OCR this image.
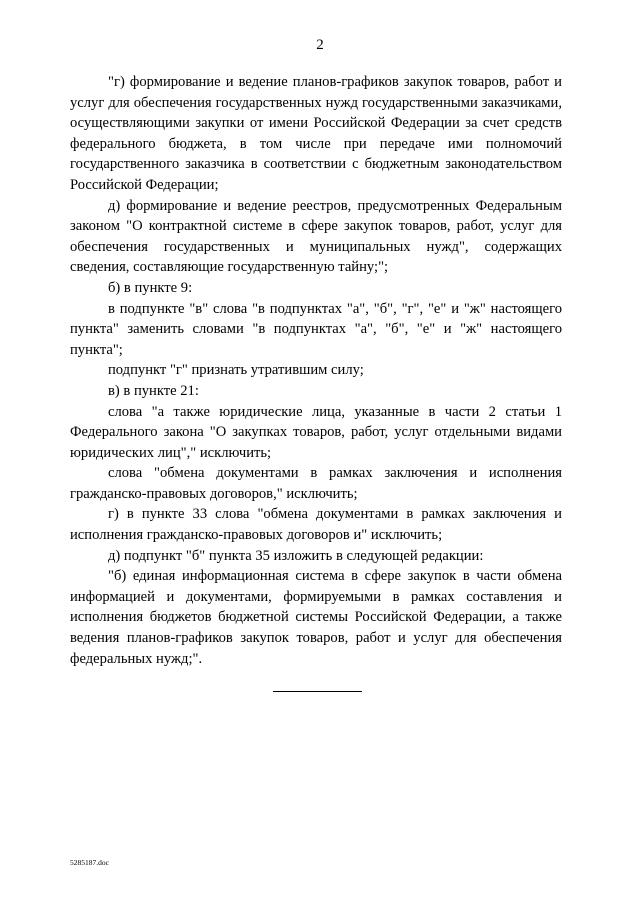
2

"г) формирование и ведение планов-графиков закупок товаров, работ и услуг для обеспечения государственных нужд государственными заказчиками, осуществляющими закупки от имени Российской Федерации за счет средств федерального бюджета, в том числе при передаче ими полномочий государственного заказчика в соответствии с бюджетным законодательством Российской Федерации;

д) формирование и ведение реестров, предусмотренных Федеральным законом "О контрактной системе в сфере закупок товаров, работ, услуг для обеспечения государственных и муниципальных нужд", содержащих сведения, составляющие государственную тайну;";

б) в пункте 9:

в подпункте "в" слова "в подпунктах "а", "б", "г", "е" и "ж" настоящего пункта" заменить словами "в подпунктах "а", "б", "е" и "ж" настоящего пункта";

подпункт "г" признать утратившим силу;

в) в пункте 21:

слова "а также юридические лица, указанные в части 2 статьи 1 Федерального закона "О закупках товаров, работ, услуг отдельными видами юридических лиц"," исключить;

слова "обмена документами в рамках заключения и исполнения гражданско-правовых договоров," исключить;

г) в пункте 33 слова "обмена документами в рамках заключения и исполнения гражданско-правовых договоров и" исключить;

д) подпункт "б" пункта 35 изложить в следующей редакции:

"б) единая информационная система в сфере закупок в части обмена информацией и документами, формируемыми в рамках составления и исполнения бюджетов бюджетной системы Российской Федерации, а также ведения планов-графиков закупок товаров, работ и услуг для обеспечения федеральных нужд;".

5285187.doc
